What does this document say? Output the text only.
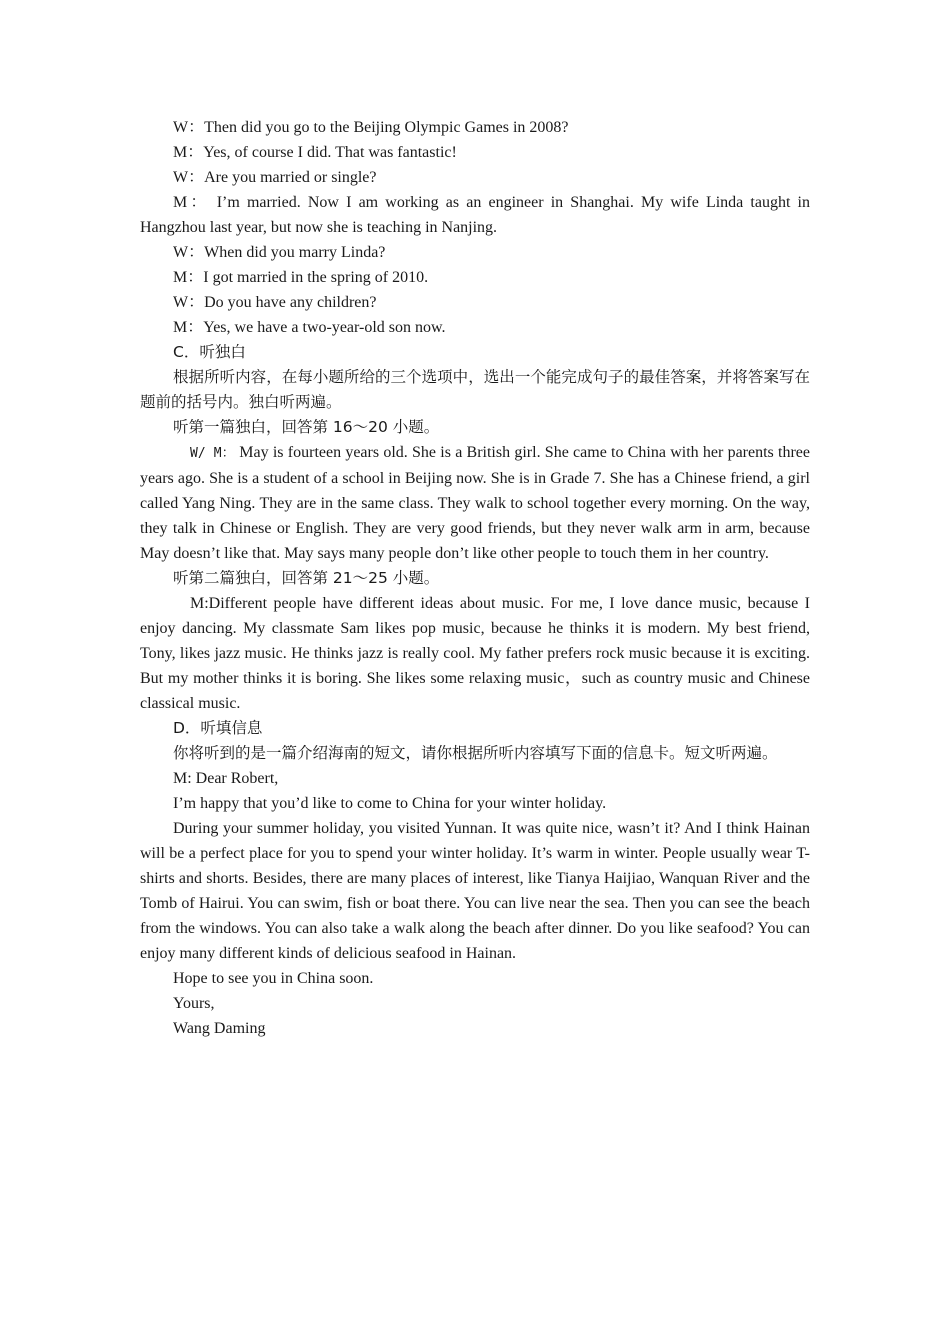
W：Then did you go to the Beijing Olympic Games in 2008?

M：Yes, of course I did. That was fantastic!

W：Are you married or single?

M： I’m married. Now I am working as an engineer in Shanghai. My wife Linda taught in Hangzhou last year, but now she is teaching in Nanjing.

W：When did you marry Linda?

M：I got married in the spring of 2010.

W：Do you have any children?

M：Yes, we have a two-year-old son now.

C．听独白

根据所听内容，在每小题所给的三个选项中，选出一个能完成句子的最佳答案，并将答案写在题前的括号内。独白听两遍。

听第一篇独白，回答第 16～20 小题。

W/ M： May is fourteen years old. She is a British girl. She came to China with her parents three years ago. She is a student of a school in Beijing now. She is in Grade 7. She has a Chinese friend, a girl called Yang Ning. They are in the same class. They walk to school together every morning. On the way, they talk in Chinese or English. They are very good friends, but they never walk arm in arm, because May doesn’t like that. May says many people don’t like other people to touch them in her country.

听第二篇独白，回答第 21～25 小题。

M:Different people have different ideas about music. For me, I love dance music, because I enjoy dancing. My classmate Sam likes pop music, because he thinks it is modern. My best friend, Tony, likes jazz music. He thinks jazz is really cool. My father prefers rock music because it is exciting. But my mother thinks it is boring. She likes some relaxing music，such as country music and Chinese classical music.

D．听填信息

你将听到的是一篇介绍海南的短文，请你根据所听内容填写下面的信息卡。短文听两遍。

M: Dear Robert,

I’m happy that you’d like to come to China for your winter holiday.

During your summer holiday, you visited Yunnan. It was quite nice, wasn’t it? And I think Hainan will be a perfect place for you to spend your winter holiday. It’s warm in winter. People usually wear T-shirts and shorts. Besides, there are many places of interest, like Tianya Haijiao, Wanquan River and the Tomb of Hairui. You can swim, fish or boat there. You can live near the sea. Then you can see the beach from the windows. You can also take a walk along the beach after dinner. Do you like seafood? You can enjoy many different kinds of delicious seafood in Hainan.

Hope to see you in China soon.

Yours,

Wang Daming
